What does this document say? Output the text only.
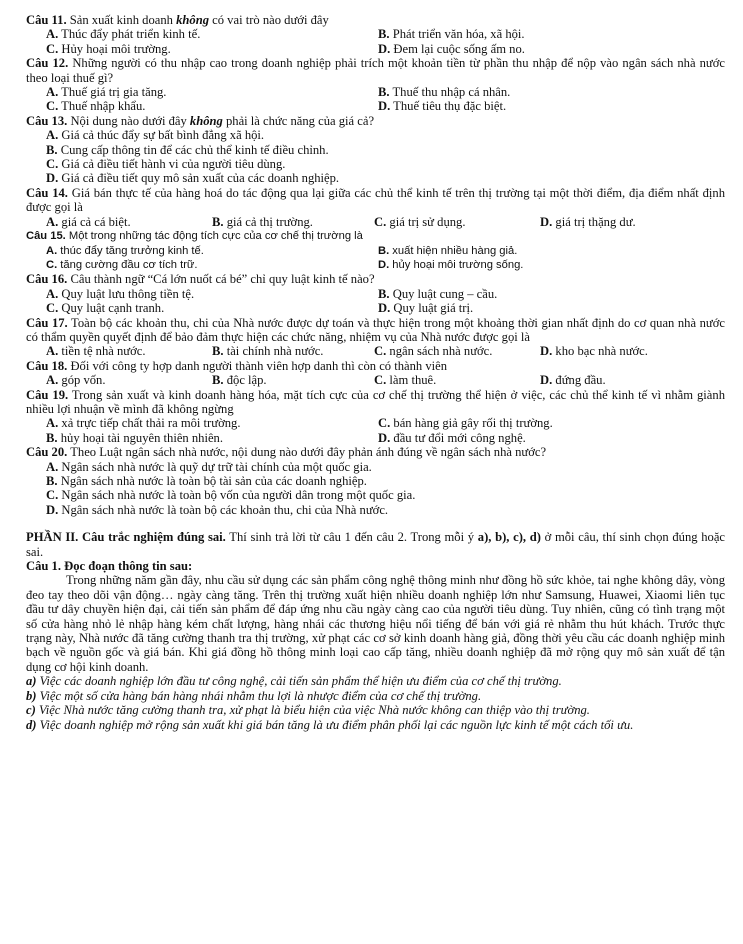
Câu 11. Sản xuất kinh doanh không có vai trò nào dưới đây
A. Thúc đẩy phát triển kinh tế.	B. Phát triển văn hóa, xã hội.
C. Hủy hoại môi trường.	D. Đem lại cuộc sống ấm no.
Câu 12. Những người có thu nhập cao trong doanh nghiệp phải trích một khoản tiền từ phần thu nhập để nộp vào ngân sách nhà nước theo loại thuế gì?
A. Thuế giá trị gia tăng.	B. Thuế thu nhập cá nhân.
C. Thuế nhập khẩu.	D. Thuế tiêu thụ đặc biệt.
Câu 13. Nội dung nào dưới đây không phải là chức năng của giá cả?
A. Giá cả thúc đẩy sự bất bình đẳng xã hội.
B. Cung cấp thông tin để các chủ thể kinh tế điều chỉnh.
C. Giá cả điều tiết hành vi của người tiêu dùng.
D. Giá cả điều tiết quy mô sản xuất của các doanh nghiệp.
Câu 14. Giá bán thực tế của hàng hoá do tác động qua lại giữa các chủ thể kinh tế trên thị trường tại một thời điểm, địa điểm nhất định được gọi là
A. giá cả cá biệt.	B. giá cả thị trường.	C. giá trị sử dụng.	D. giá trị thặng dư.
Câu 15. Một trong những tác động tích cực của cơ chế thị trường là
A. thúc đẩy tăng trưởng kinh tế.	B. xuất hiện nhiều hàng giả.
C. tăng cường đầu cơ tích trữ.	D. hủy hoại môi trường sống.
Câu 16. Câu thành ngữ “Cá lớn nuốt cá bé” chỉ quy luật kinh tế nào?
A. Quy luật lưu thông tiền tệ.	B. Quy luật cung – cầu.
C. Quy luật cạnh tranh.	D. Quy luật giá trị.
Câu 17. Toàn bộ các khoản thu, chi của Nhà nước được dự toán và thực hiện trong một khoảng thời gian nhất định do cơ quan nhà nước có thẩm quyền quyết định để bảo đảm thực hiện các chức năng, nhiệm vụ của Nhà nước được gọi là
A. tiền tệ nhà nước.	B. tài chính nhà nước.	C. ngân sách nhà nước.	D. kho bạc nhà nước.
Câu 18. Đối với công ty hợp danh người thành viên hợp danh thì còn có thành viên
A. góp vốn.	B. độc lập.	C. làm thuê.	D. đứng đầu.
Câu 19. Trong sản xuất và kinh doanh hàng hóa, mặt tích cực của cơ chế thị trường thể hiện ở việc, các chủ thể kinh tế vì nhằm giành nhiều lợi nhuận về mình đã không ngừng
A. xả trực tiếp chất thải ra môi trường.	C. bán hàng giả gây rối thị trường.
B. hủy hoại tài nguyên thiên nhiên.	D. đầu tư đổi mới công nghệ.
Câu 20. Theo Luật ngân sách nhà nước, nội dung nào dưới đây phản ánh đúng về ngân sách nhà nước?
A. Ngân sách nhà nước là quỹ dự trữ tài chính của một quốc gia.
B. Ngân sách nhà nước là toàn bộ tài sản của các doanh nghiệp.
C. Ngân sách nhà nước là toàn bộ vốn của người dân trong một quốc gia.
D. Ngân sách nhà nước là toàn bộ các khoản thu, chi của Nhà nước.
PHẦN II. Câu trắc nghiệm đúng sai. Thí sinh trả lời từ câu 1 đến câu 2. Trong mỗi ý a), b), c), d) ở mỗi câu, thí sinh chọn đúng hoặc sai.
Câu 1. Đọc đoạn thông tin sau:

Trong những năm gần đây, nhu cầu sử dụng các sản phẩm công nghệ thông minh như đồng hồ sức khỏe, tai nghe không dây, vòng đeo tay theo dõi vận động… ngày càng tăng. Trên thị trường xuất hiện nhiều doanh nghiệp lớn như Samsung, Huawei, Xiaomi liên tục đầu tư dây chuyền hiện đại, cải tiến sản phẩm để đáp ứng nhu cầu ngày càng cao của người tiêu dùng. Tuy nhiên, cũng có tình trạng một số cửa hàng nhỏ lẻ nhập hàng kém chất lượng, hàng nhái các thương hiệu nổi tiếng để bán với giá rẻ nhằm thu hút khách. Trước thực trạng này, Nhà nước đã tăng cường thanh tra thị trường, xử phạt các cơ sở kinh doanh hàng giả, đồng thời yêu cầu các doanh nghiệp minh bạch về nguồn gốc và giá bán. Khi giá đồng hồ thông minh loại cao cấp tăng, nhiều doanh nghiệp đã mở rộng quy mô sản xuất để tận dụng cơ hội kinh doanh.

a) Việc các doanh nghiệp lớn đầu tư công nghệ, cải tiến sản phẩm thể hiện ưu điểm của cơ chế thị trường.

b) Việc một số cửa hàng bán hàng nhái nhằm thu lợi là nhược điểm của cơ chế thị trường.

c) Việc Nhà nước tăng cường thanh tra, xử phạt là biểu hiện của việc Nhà nước không can thiệp vào thị trường.

d) Việc doanh nghiệp mở rộng sản xuất khi giá bán tăng là ưu điểm phân phối lại các nguồn lực kinh tế một cách tối ưu.
